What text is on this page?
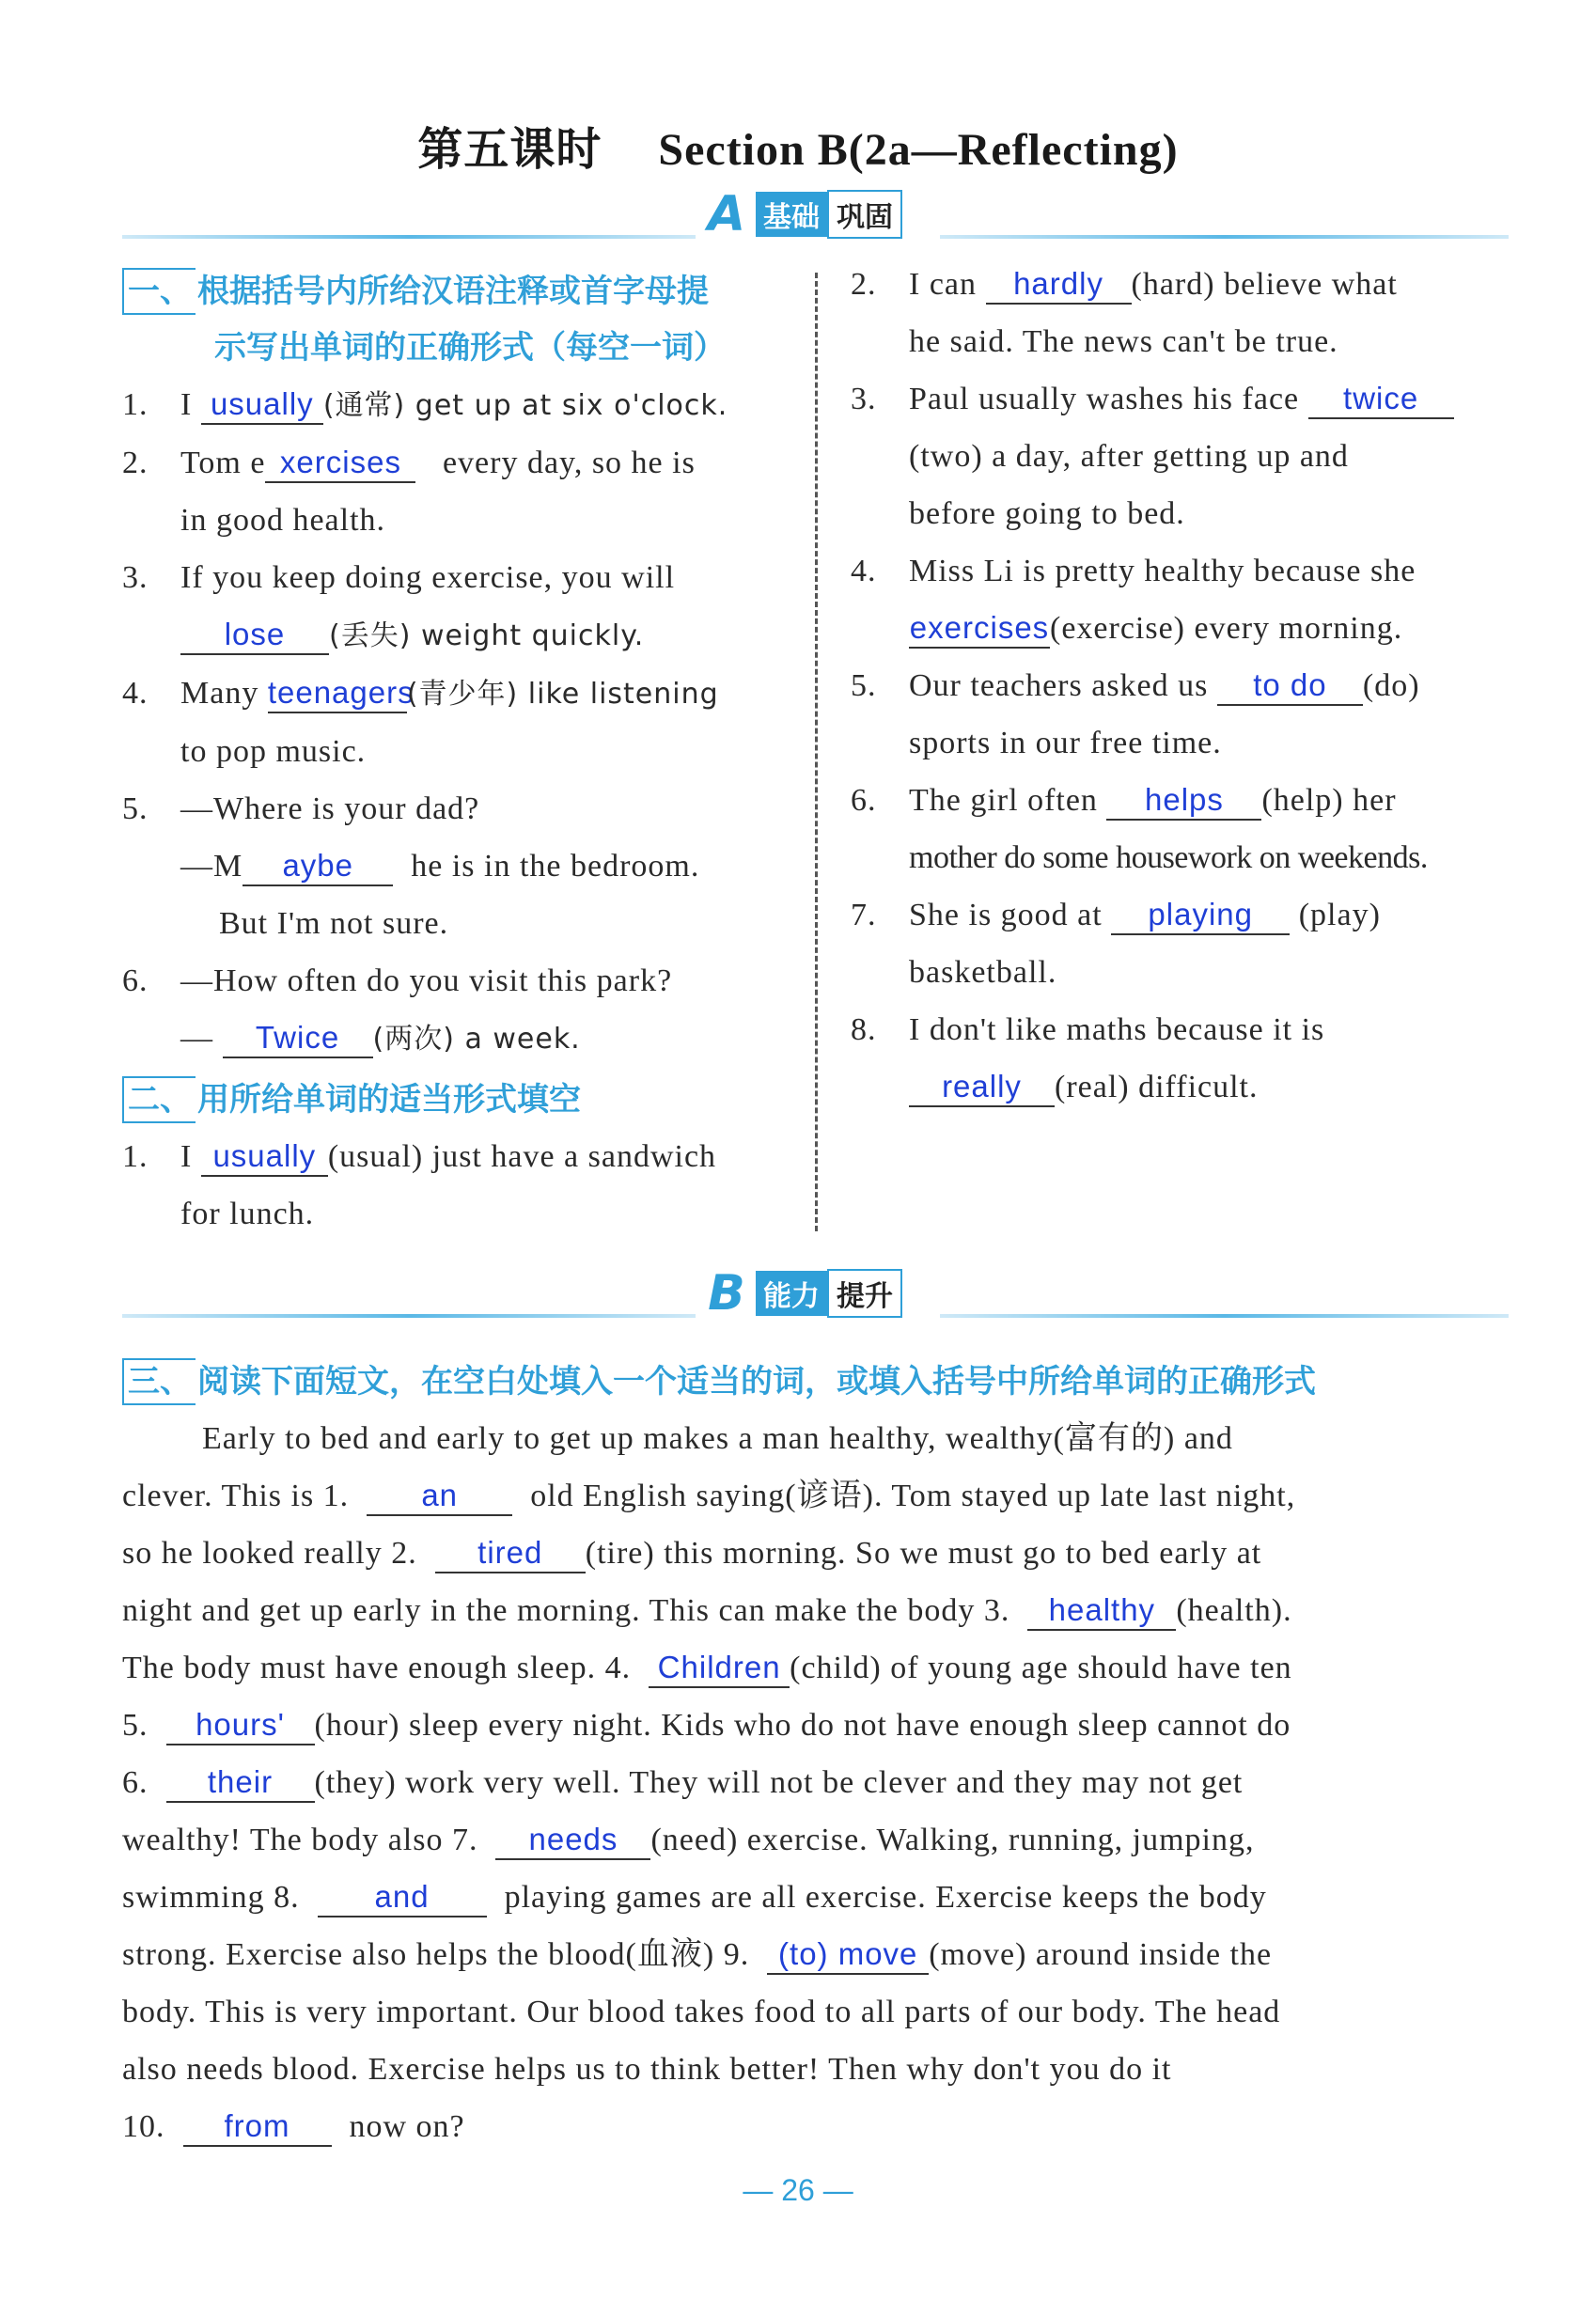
第五课时 Section B(2a—Reflecting)
A 基础 巩固
一、 根据括号内所给汉语注释或首字母提
示写出单词的正确形式（每空一词）
1. I usually (通常) get up at six o'clock.
2. Tom e xercises every day, so he is
in good health.
3. If you keep doing exercise, you will
lose (丢失) weight quickly.
4. Many teenagers(青少年) like listening
to pop music.
5. —Where is your dad?
—M aybe he is in the bedroom.
But I'm not sure.
6. —How often do you visit this park?
— Twice (两次) a week.
二、 用所给单词的适当形式填空
1. I usually (usual) just have a sandwich
for lunch.
2. I can hardly (hard) believe what
he said. The news can't be true.
3. Paul usually washes his face twice
(two) a day, after getting up and
before going to bed.
4. Miss Li is pretty healthy because she
exercises(exercise) every morning.
5. Our teachers asked us to do (do)
sports in our free time.
6. The girl often helps (help) her
mother do some housework on weekends.
7. She is good at playing (play)
basketball.
8. I don't like maths because it is
really (real) difficult.
B 能力 提升
三、 阅读下面短文，在空白处填入一个适当的词，或填入括号中所给单词的正确形式
Early to bed and early to get up makes a man healthy, wealthy(富有的) and
clever. This is 1. an old English saying(谚语). Tom stayed up late last night,
so he looked really 2. tired (tire) this morning. So we must go to bed early at
night and get up early in the morning. This can make the body 3. healthy (health).
The body must have enough sleep. 4. Children (child) of young age should have ten
5. hours' (hour) sleep every night. Kids who do not have enough sleep cannot do
6. their (they) work very well. They will not be clever and they may not get
wealthy! The body also 7. needs (need) exercise. Walking, running, jumping,
swimming 8. and playing games are all exercise. Exercise keeps the body
strong. Exercise also helps the blood(血液) 9. (to) move (move) around inside the
body. This is very important. Our blood takes food to all parts of our body. The head
also needs blood. Exercise helps us to think better! Then why don't you do it
10. from now on?
— 26 —
